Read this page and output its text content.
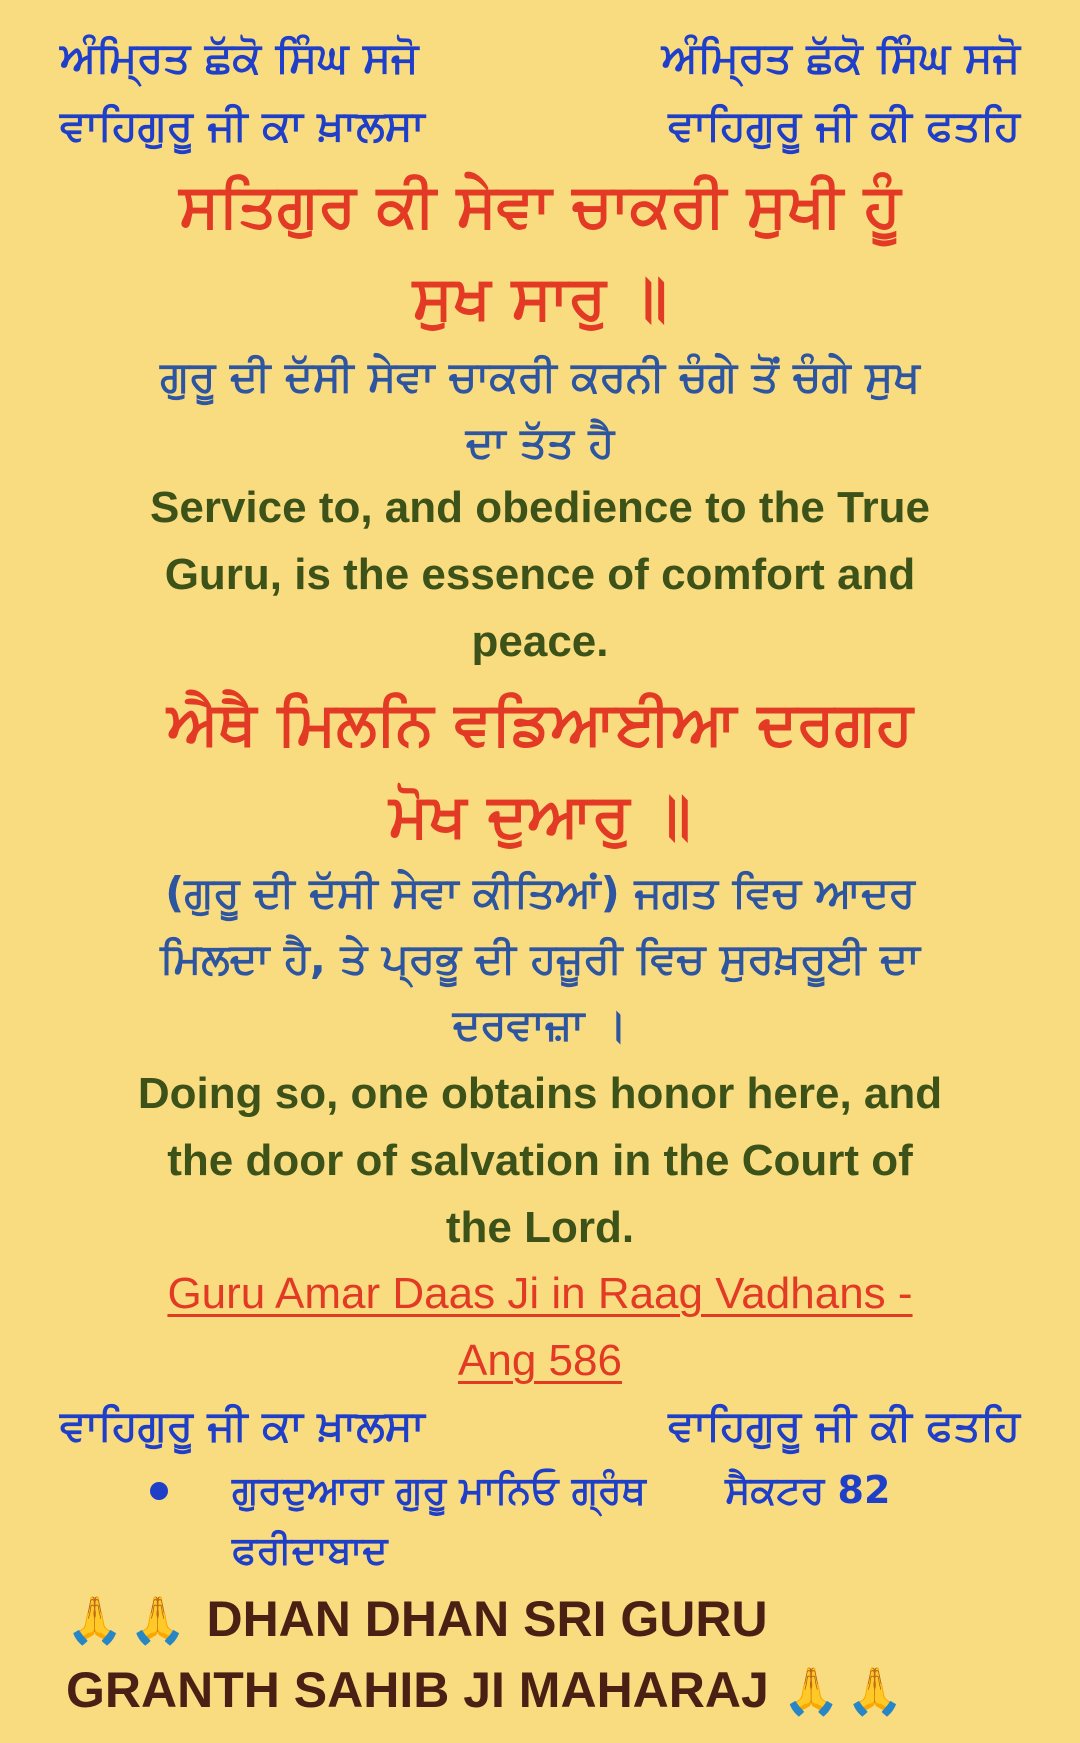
ਅੰਮ੍ਰਿਤ ਛੱਕੋ ਸਿੰਘ ਸਜੋ	ਅੰਮ੍ਰਿਤ ਛੱਕੋ ਸਿੰਘ ਸਜੋ
ਵਾਹਿਗੁਰੂ ਜੀ ਕਾ ਖ਼ਾਲਸਾ	ਵਾਹਿਗੁਰੂ ਜੀ ਕੀ ਫਤਹਿ
ਸਤਿਗੁਰ ਕੀ ਸੇਵਾ ਚਾਕਰੀ ਸੁਖੀ ਹੂੰ
ਸੁਖ ਸਾਰੁ ॥
ਗੁਰੂ ਦੀ ਦੱਸੀ ਸੇਵਾ ਚਾਕਰੀ ਕਰਨੀ ਚੰਗੇ ਤੋਂ ਚੰਗੇ ਸੁਖ
ਦਾ ਤੱਤ ਹੈ
Service to, and obedience to the True
Guru, is the essence of comfort and
peace.
ਐਥੈ ਮਿਲਨਿ ਵਡਿਆਈਆ ਦਰਗਹ
ਮੋਖ ਦੁਆਰੁ ॥
(ਗੁਰੂ ਦੀ ਦੱਸੀ ਸੇਵਾ ਕੀਤਿਆਂ) ਜਗਤ ਵਿਚ ਆਦਰ
ਮਿਲਦਾ ਹੈ, ਤੇ ਪ੍ਰਭੂ ਦੀ ਹਜ਼ੂਰੀ ਵਿਚ ਸੁਰਖ਼ਰੂਈ ਦਾ
ਦਰਵਾਜ਼ਾ ।
Doing so, one obtains honor here, and
the door of salvation in the Court of
the Lord.
Guru Amar Daas Ji in Raag Vadhans -
Ang 586
ਵਾਹਿਗੁਰੂ ਜੀ ਕਾ ਖ਼ਾਲਸਾ	ਵਾਹਿਗੁਰੂ ਜੀ ਕੀ ਫਤਹਿ
ਗੁਰਦੁਆਰਾ ਗੁਰੂ ਮਾਨਿਓ ਗ੍ਰੰਥ      ਸੈਕਟਰ 82
ਫਰੀਦਾਬਾਦ
🙏 🙏 DHAN DHAN SRI GURU
GRANTH SAHIB JI MAHARAJ 🙏 🙏
